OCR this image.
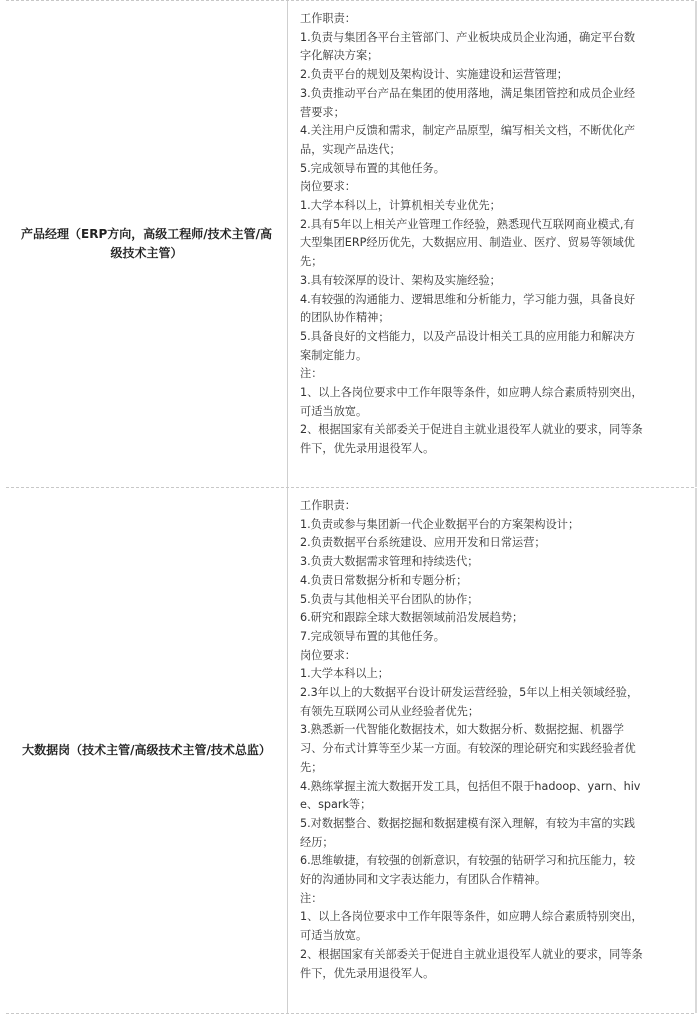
产品经理（ERP方向，高级工程师/技术主管/高
级技术主管）
工作职责：
1.负责与集团各平台主管部门、产业板块成员企业沟通，确定平台数
字化解决方案；
2.负责平台的规划及架构设计、实施建设和运营管理；
3.负责推动平台产品在集团的使用落地，满足集团管控和成员企业经
营要求；
4.关注用户反馈和需求，制定产品原型，编写相关文档，不断优化产
品，实现产品迭代；
5.完成领导布置的其他任务。
岗位要求：
1.大学本科以上，计算机相关专业优先；
2.具有5年以上相关产业管理工作经验，熟悉现代互联网商业模式,有
大型集团ERP经历优先，大数据应用、制造业、医疗、贸易等领域优
先；
3.具有较深厚的设计、架构及实施经验；
4.有较强的沟通能力、逻辑思维和分析能力，学习能力强，具备良好
的团队协作精神；
5.具备良好的文档能力，以及产品设计相关工具的应用能力和解决方
案制定能力。
注：
1、以上各岗位要求中工作年限等条件，如应聘人综合素质特别突出，
可适当放宽。
2、根据国家有关部委关于促进自主就业退役军人就业的要求，同等条
件下，优先录用退役军人。
大数据岗（技术主管/高级技术主管/技术总监）
工作职责：
1.负责或参与集团新一代企业数据平台的方案架构设计；
2.负责数据平台系统建设、应用开发和日常运营；
3.负责大数据需求管理和持续迭代；
4.负责日常数据分析和专题分析；
5.负责与其他相关平台团队的协作；
6.研究和跟踪全球大数据领域前沿发展趋势；
7.完成领导布置的其他任务。
岗位要求：
1.大学本科以上；
2.3年以上的大数据平台设计研发运营经验，5年以上相关领域经验，
有领先互联网公司从业经验者优先；
3.熟悉新一代智能化数据技术，如大数据分析、数据挖掘、机器学
习、分布式计算等至少某一方面。有较深的理论研究和实践经验者优
先；
4.熟练掌握主流大数据开发工具，包括但不限于hadoop、yarn、hiv
e、spark等；
5.对数据整合、数据挖掘和数据建模有深入理解，有较为丰富的实践
经历；
6.思维敏捷，有较强的创新意识，有较强的钻研学习和抗压能力，较
好的沟通协同和文字表达能力，有团队合作精神。
注：
1、以上各岗位要求中工作年限等条件，如应聘人综合素质特别突出，
可适当放宽。
2、根据国家有关部委关于促进自主就业退役军人就业的要求，同等条
件下，优先录用退役军人。
